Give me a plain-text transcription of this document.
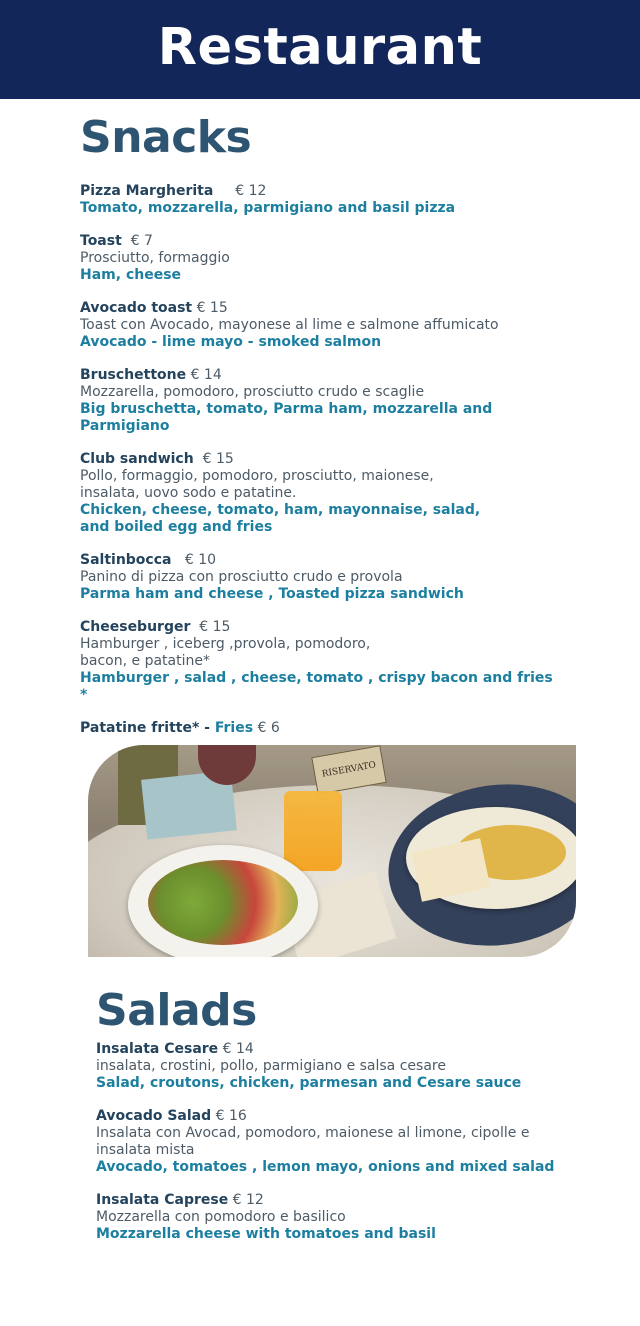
Restaurant
Snacks
Pizza Margherita € 12
Tomato, mozzarella, parmigiano and basil pizza
Toast € 7
Prosciutto, formaggio
Ham, cheese
Avocado toast € 15
Toast con Avocado, mayonese al lime e salmone affumicato
Avocado - lime mayo - smoked salmon
Bruschettone € 14
Mozzarella, pomodoro, prosciutto crudo e scaglie
Big bruschetta, tomato, Parma ham, mozzarella and Parmigiano
Club sandwich € 15
Pollo, formaggio, pomodoro, prosciutto, maionese,
insalata, uovo sodo e patatine.
Chicken, cheese, tomato, ham, mayonnaise, salad,
and boiled egg and fries
Saltinbocca € 10
Panino di pizza con prosciutto crudo e provola
Parma ham and cheese , Toasted pizza sandwich
Cheeseburger € 15
Hamburger , iceberg ,provola, pomodoro,
bacon, e patatine*
Hamburger , salad , cheese, tomato , crispy bacon and fries *
Patatine fritte* - Fries € 6
RISERVATO
Salads
Insalata Cesare € 14
insalata, crostini, pollo, parmigiano e salsa cesare
Salad, croutons, chicken, parmesan and Cesare sauce
Avocado Salad € 16
Insalata con Avocad, pomodoro, maionese al limone, cipolle e
insalata mista
Avocado, tomatoes , lemon mayo, onions and mixed salad
Insalata Caprese € 12
Mozzarella con pomodoro e basilico
Mozzarella cheese with tomatoes and basil
